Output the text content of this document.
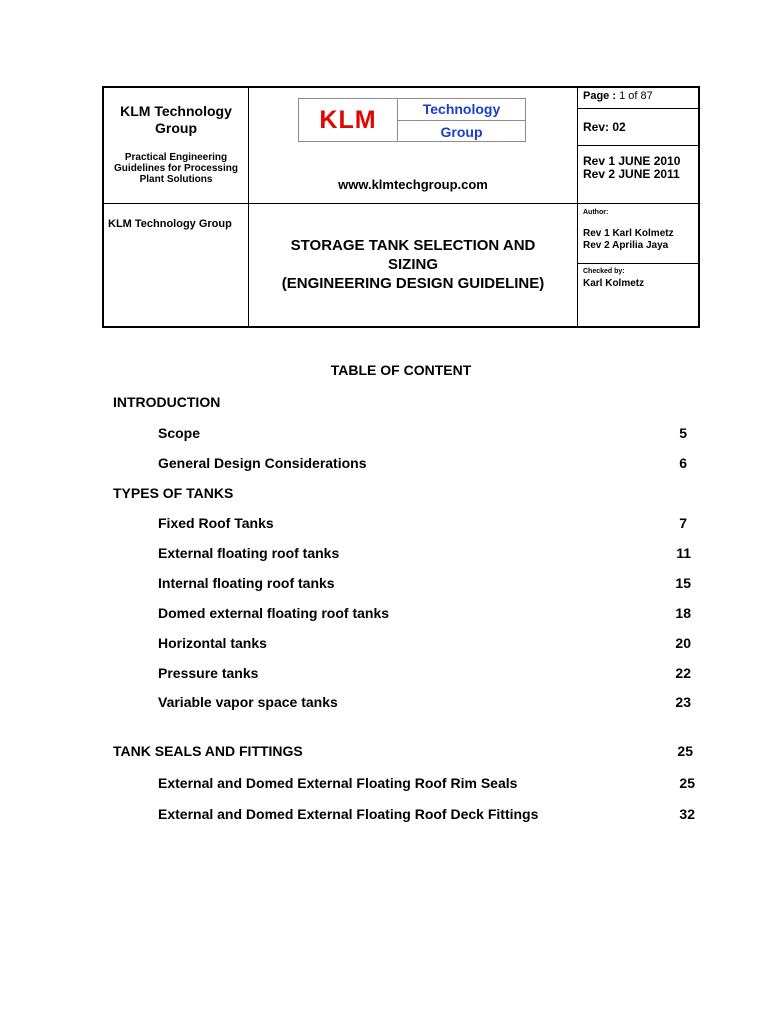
KLM Technology
Group
Practical Engineering
Guidelines for Processing
Plant Solutions
KLM	Technology
Group
www.klmtechgroup.com
Page : 1 of 87
Rev: 02
Rev 1 JUNE 2010
Rev 2 JUNE 2011
KLM Technology Group
STORAGE TANK SELECTION AND
SIZING
(ENGINEERING DESIGN GUIDELINE)
Author:
Rev 1 Karl Kolmetz
Rev 2 Aprilia Jaya
Checked by:
Karl Kolmetz
TABLE OF CONTENT
INTRODUCTION
Scope	5
General Design Considerations	6
TYPES OF TANKS
Fixed Roof Tanks	7
External floating roof tanks	11
Internal floating roof tanks	15
Domed external floating roof tanks	18
Horizontal tanks	20
Pressure tanks	22
Variable vapor space tanks	23
TANK SEALS AND FITTINGS	25
External and Domed External Floating Roof Rim Seals	25
External and Domed External Floating Roof Deck Fittings	32
